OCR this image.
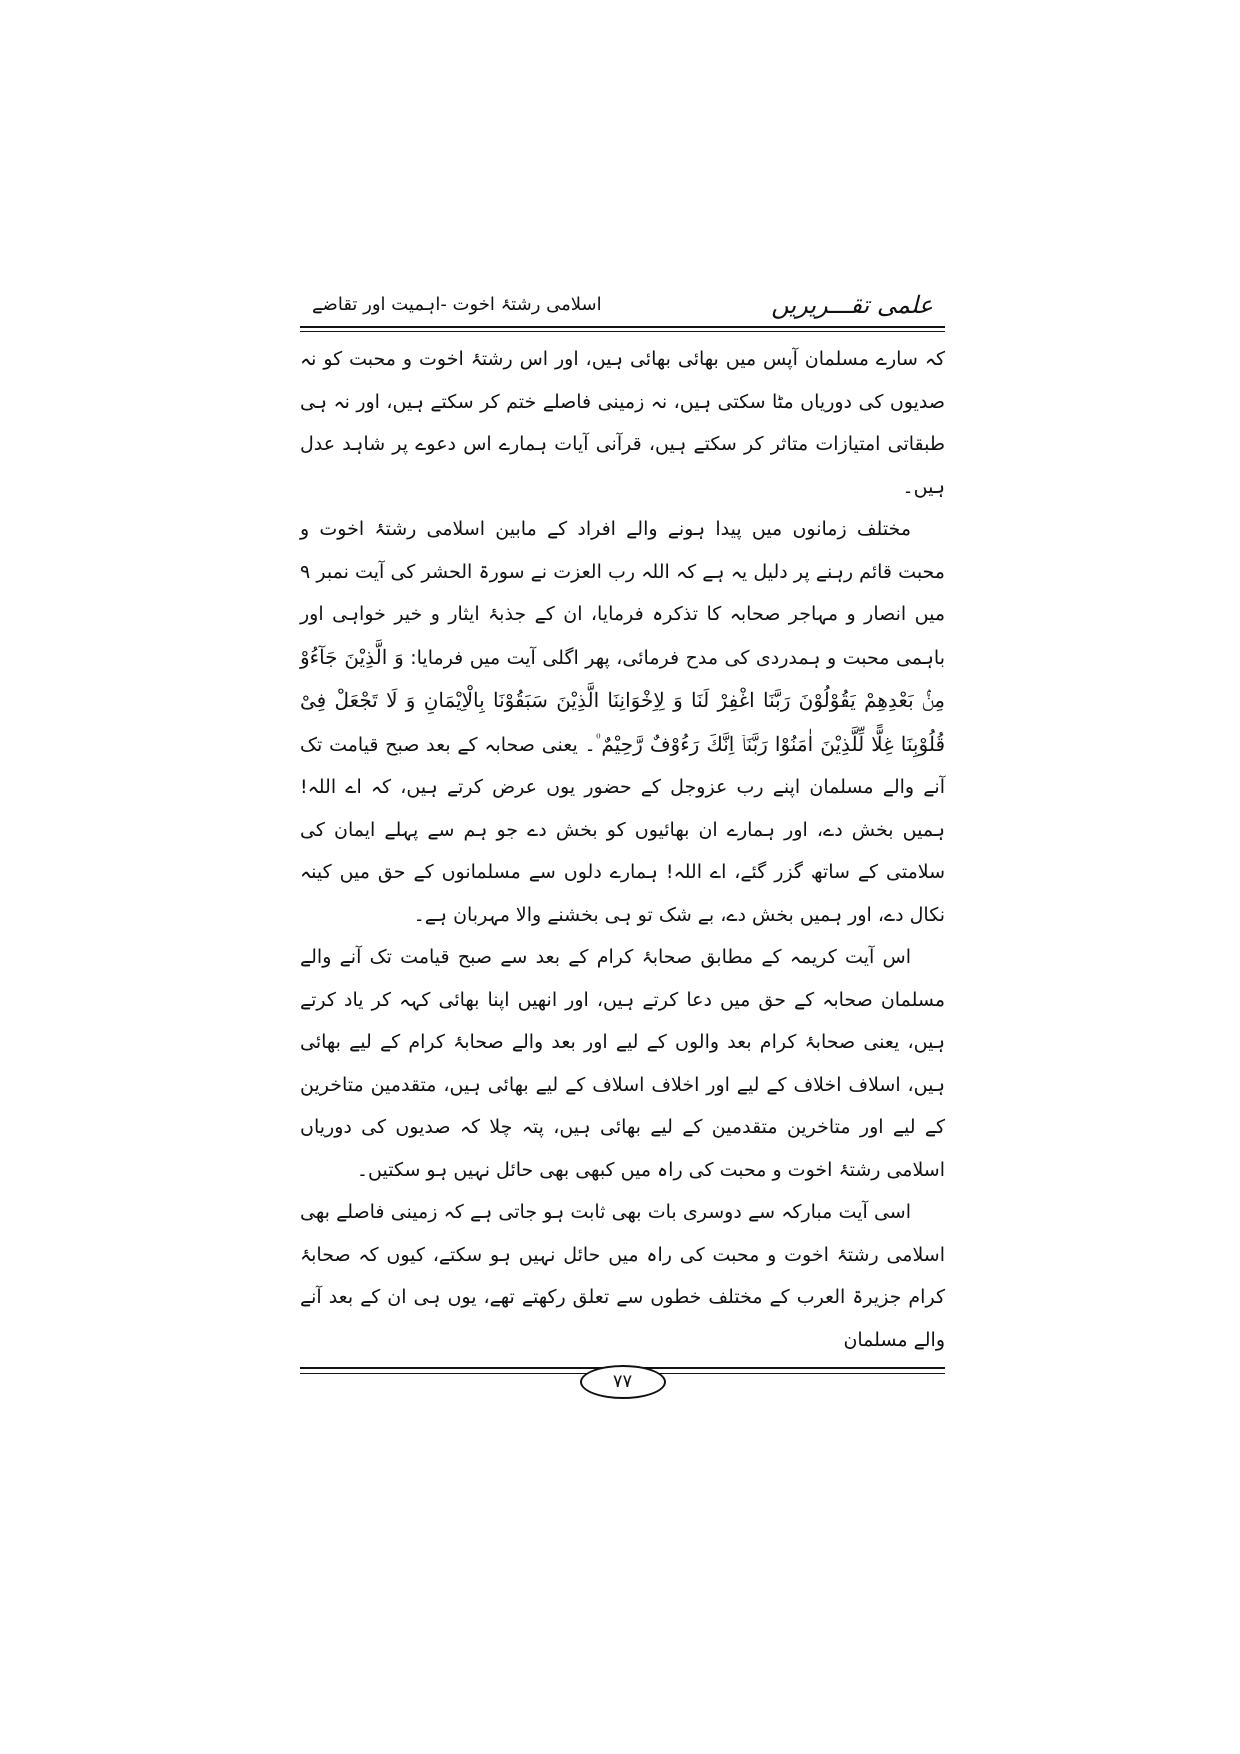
علمی تقـــریریں
اسلامی رشتۂ اخوت -اہمیت اور تقاضے

کہ سارے مسلمان آپس میں بھائی بھائی ہیں، اور اس رشتۂ اخوت و محبت کو نہ صدیوں کی دوریاں مٹا سکتی ہیں، نہ زمینی فاصلے ختم کر سکتے ہیں، اور نہ ہی طبقاتی امتیازات متاثر کر سکتے ہیں، قرآنی آیات ہمارے اس دعوے پر شاہد عدل ہیں۔

مختلف زمانوں میں پیدا ہونے والے افراد کے مابین اسلامی رشتۂ اخوت و محبت قائم رہنے پر دلیل یہ ہے کہ اللہ رب العزت نے سورۃ الحشر کی آیت نمبر ۹ میں انصار و مہاجر صحابہ کا تذکرہ فرمایا، ان کے جذبۂ ایثار و خیر خواہی اور باہمی محبت و ہمدردی کی مدح فرمائی، پھر اگلی آیت میں فرمایا: وَ الَّذِیْنَ جَآءُوْ مِنْۢ بَعْدِهِمْ یَقُوْلُوْنَ رَبَّنَا اغْفِرْ لَنَا وَ لِاِخْوَانِنَا الَّذِیْنَ سَبَقُوْنَا بِالْاِیْمَانِ وَ لَا تَجْعَلْ فِیْ قُلُوْبِنَا غِلًّا لِّلَّذِیْنَ اٰمَنُوْا رَبَّنَاۤ اِنَّكَ رَءُوْفٌ رَّحِیْمٌ ۠۔ یعنی صحابہ کے بعد صبح قیامت تک آنے والے مسلمان اپنے رب عزوجل کے حضور یوں عرض کرتے ہیں، کہ اے اللہ! ہمیں بخش دے، اور ہمارے ان بھائیوں کو بخش دے جو ہم سے پہلے ایمان کی سلامتی کے ساتھ گزر گئے، اے اللہ! ہمارے دلوں سے مسلمانوں کے حق میں کینہ نکال دے، اور ہمیں بخش دے، بے شک تو ہی بخشنے والا مہربان ہے۔

اس آیت کریمہ کے مطابق صحابۂ کرام کے بعد سے صبح قیامت تک آنے والے مسلمان صحابہ کے حق میں دعا کرتے ہیں، اور انھیں اپنا بھائی کہہ کر یاد کرتے ہیں، یعنی صحابۂ کرام بعد والوں کے لیے اور بعد والے صحابۂ کرام کے لیے بھائی ہیں، اسلاف اخلاف کے لیے اور اخلاف اسلاف کے لیے بھائی ہیں، متقدمین متاخرین کے لیے اور متاخرین متقدمین کے لیے بھائی ہیں، پتہ چلا کہ صدیوں کی دوریاں اسلامی رشتۂ اخوت و محبت کی راہ میں کبھی بھی حائل نہیں ہو سکتیں۔

اسی آیت مبارکہ سے دوسری بات بھی ثابت ہو جاتی ہے کہ زمینی فاصلے بھی اسلامی رشتۂ اخوت و محبت کی راہ میں حائل نہیں ہو سکتے، کیوں کہ صحابۂ کرام جزیرۃ العرب کے مختلف خطوں سے تعلق رکھتے تھے، یوں ہی ان کے بعد آنے والے مسلمان

۷۷
